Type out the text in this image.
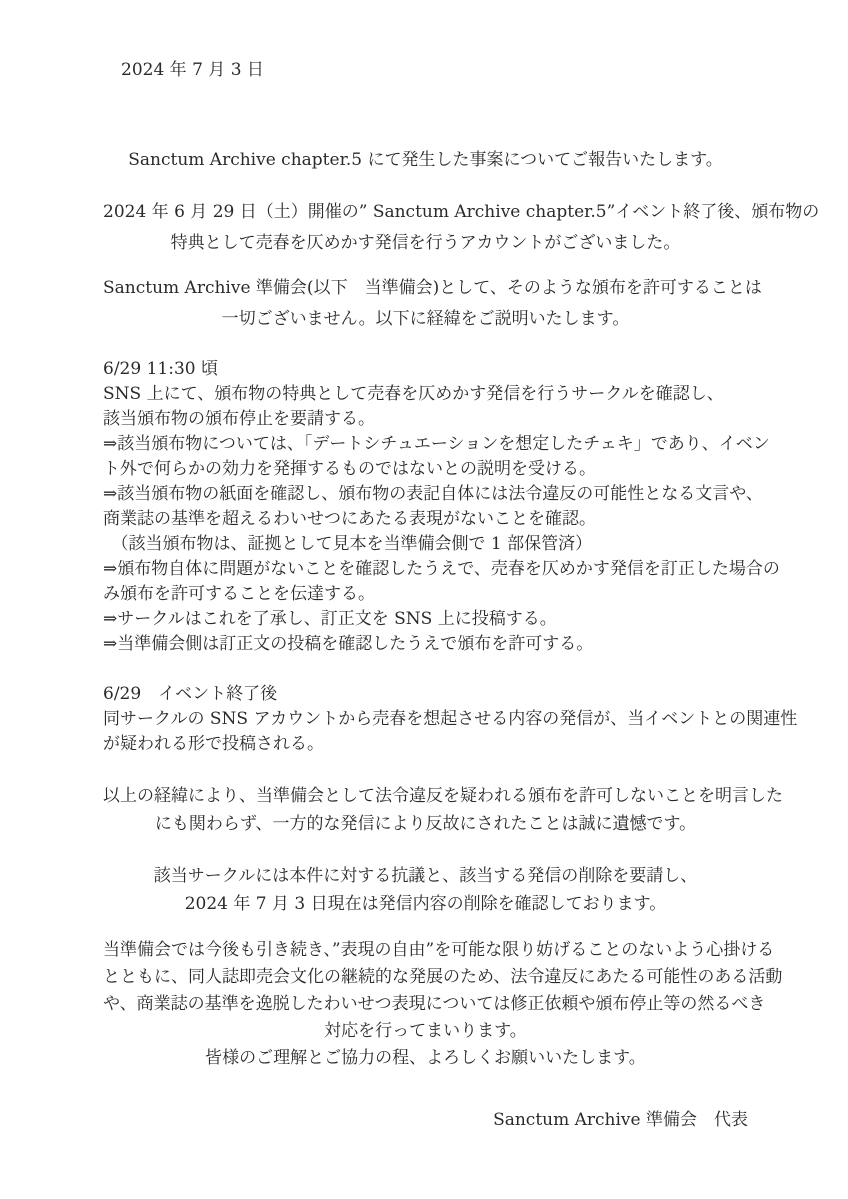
2024 年 7 月 3 日

Sanctum Archive chapter.5 にて発生した事案についてご報告いたします。

2024 年 6 月 29 日（土）開催の” Sanctum Archive chapter.5”イベント終了後、頒布物の

特典として売春を仄めかす発信を行うアカウントがございました。

Sanctum Archive 準備会(以下　当準備会)として、そのような頒布を許可することは

一切ございません。以下に経緯をご説明いたします。

6/29 11:30 頃

SNS 上にて、頒布物の特典として売春を仄めかす発信を行うサークルを確認し、

該当頒布物の頒布停止を要請する。

⇒該当頒布物については、「デートシチュエーションを想定したチェキ」であり、イベン

ト外で何らかの効力を発揮するものではないとの説明を受ける。

⇒該当頒布物の紙面を確認し、頒布物の表記自体には法令違反の可能性となる文言や、

商業誌の基準を超えるわいせつにあたる表現がないことを確認。

　（該当頒布物は、証拠として見本を当準備会側で 1 部保管済）

⇒頒布物自体に問題がないことを確認したうえで、売春を仄めかす発信を訂正した場合の

み頒布を許可することを伝達する。

⇒サークルはこれを了承し、訂正文を SNS 上に投稿する。

⇒当準備会側は訂正文の投稿を確認したうえで頒布を許可する。

6/29　イベント終了後

同サークルの SNS アカウントから売春を想起させる内容の発信が、当イベントとの関連性

が疑われる形で投稿される。

以上の経緯により、当準備会として法令違反を疑われる頒布を許可しないことを明言した

にも関わらず、一方的な発信により反故にされたことは誠に遺憾です。

該当サークルには本件に対する抗議と、該当する発信の削除を要請し、

2024 年 7 月 3 日現在は発信内容の削除を確認しております。

当準備会では今後も引き続き、”表現の自由”を可能な限り妨げることのないよう心掛ける

とともに、同人誌即売会文化の継続的な発展のため、法令違反にあたる可能性のある活動

や、商業誌の基準を逸脱したわいせつ表現については修正依頼や頒布停止等の然るべき

対応を行ってまいります。

皆様のご理解とご協力の程、よろしくお願いいたします。

Sanctum Archive 準備会　代表
